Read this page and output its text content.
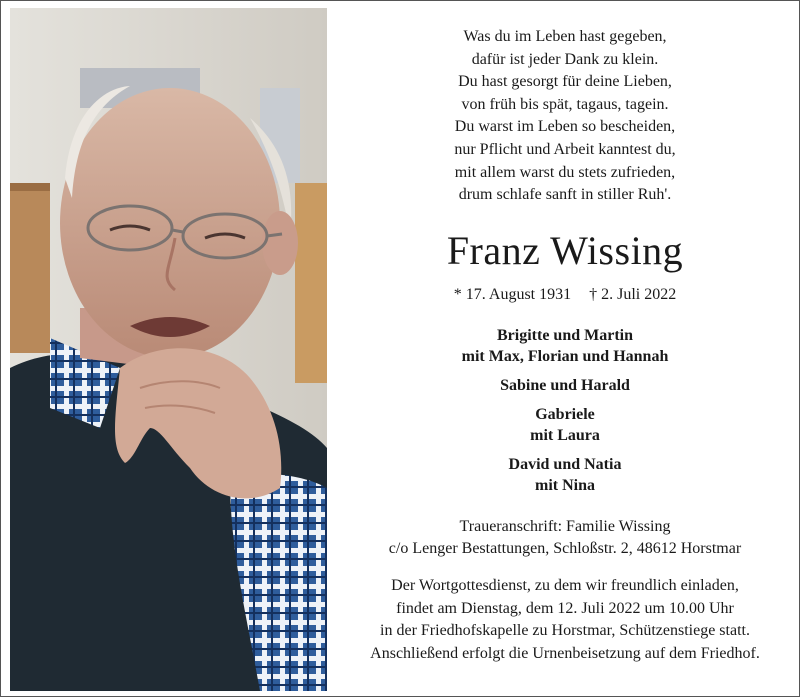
Was du im Leben hast gegeben,
dafür ist jeder Dank zu klein.
Du hast gesorgt für deine Lieben,
von früh bis spät, tagaus, tagein.
Du warst im Leben so bescheiden,
nur Pflicht und Arbeit kanntest du,
mit allem warst du stets zufrieden,
drum schlafe sanft in stiller Ruh'.
Franz Wissing
* 17. August 1931 † 2. Juli 2022
Brigitte und Martin
mit Max, Florian und Hannah
Sabine und Harald
Gabriele
mit Laura
David und Natia
mit Nina
Traueranschrift: Familie Wissing
c/o Lenger Bestattungen, Schloßstr. 2, 48612 Horstmar
Der Wortgottesdienst, zu dem wir freundlich einladen,
findet am Dienstag, dem 12. Juli 2022 um 10.00 Uhr
in der Friedhofskapelle zu Horstmar, Schützenstiege statt.
Anschließend erfolgt die Urnenbeisetzung auf dem Friedhof.
